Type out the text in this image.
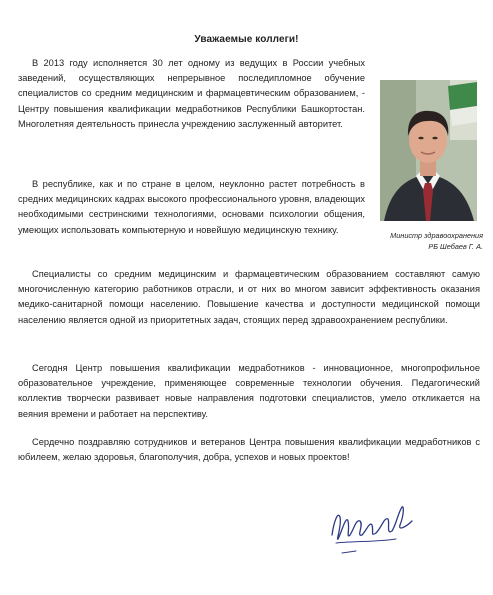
Уважаемые коллеги!

В 2013 году исполняется 30 лет одному из ведущих в России учебных заведений, осуществляющих непрерывное последипломное обучение специалистов со средним медицинским и фармацевтическим образованием, - Центру повышения квалификации медработников Республики Башкортостан. Многолетняя деятельность принесла учреждению заслуженный авторитет.

В республике, как и по стране в целом, неуклонно растет потребность в средних медицинских кадрах высокого профессионального уровня, владеющих необходимыми сестринскими технологиями, основами психологии общения, умеющих использовать компьютерную и новейшую медицинскую технику.

Специалисты со средним медицинским и фармацевтическим образованием составляют самую многочисленную категорию работников отрасли, и от них во многом зависит эффективность оказания медико-санитарной помощи населению. Повышение качества и доступности медицинской помощи населению является одной из приоритетных задач, стоящих перед здравоохранением республики.

Сегодня Центр повышения квалификации медработников - инновационное, многопрофильное образовательное учреждение, применяющее современные технологии обучения. Педагогический коллектив творчески развивает новые направления подготовки специалистов, умело откликается на веяния времени и работает на перспективу.

Сердечно поздравляю сотрудников и ветеранов Центра повышения квалификации медработников с юбилеем, желаю здоровья, благополучия, добра, успехов и новых проектов!

Министр здравоохранения
РБ Шебаев Г. А.
